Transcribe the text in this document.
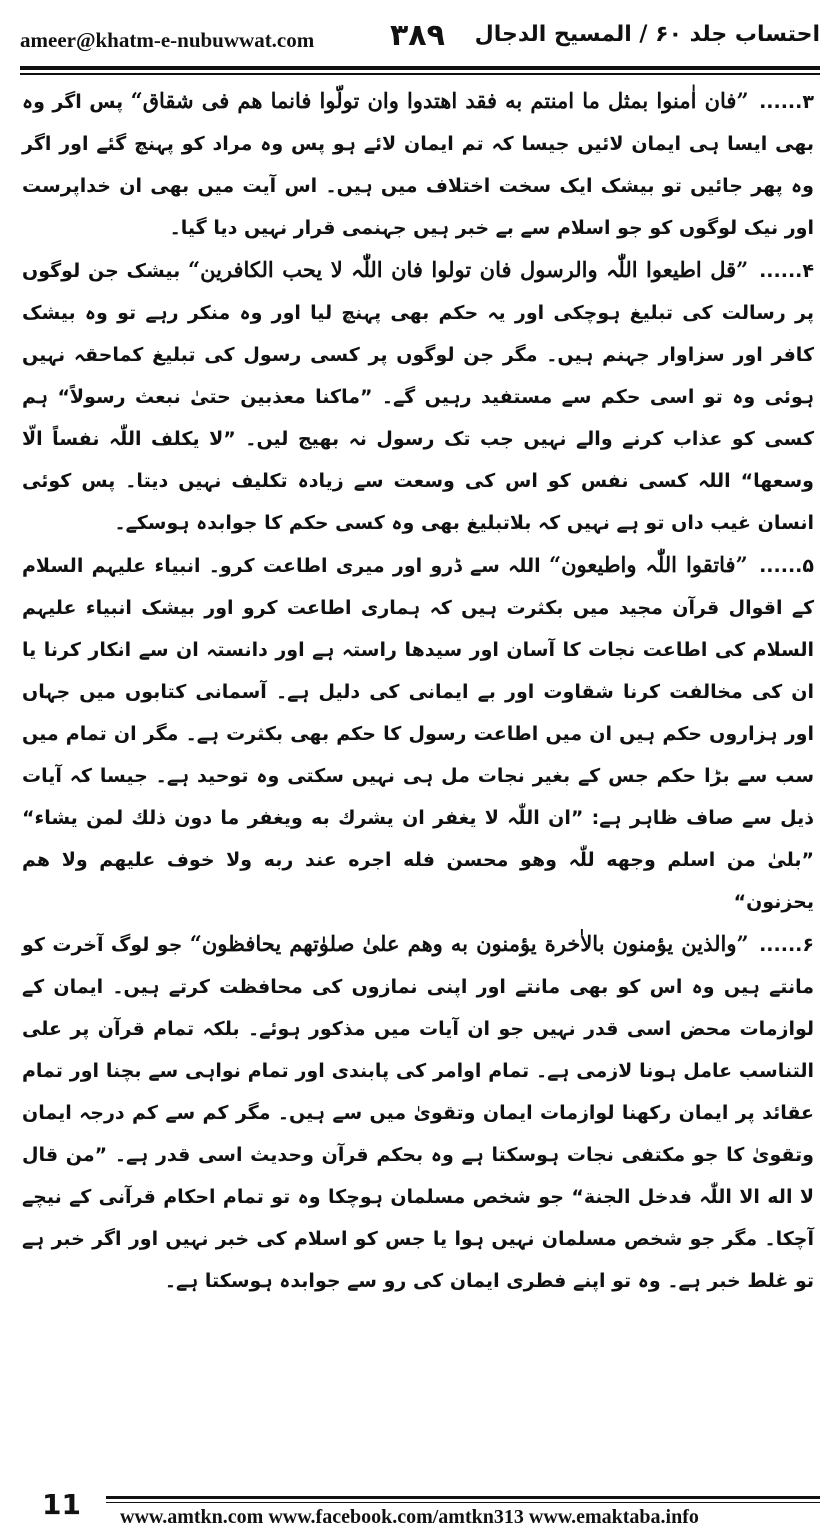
ameer@khatm-e-nubuwwat.com	۳۸۹ احتساب جلد ۶۰ / المسیح الدجال

۳...... ”فان اٰمنوا بمثل ما امنتم به فقد اهتدوا وان تولّوا فانما هم فی شقاق“ پس اگر وہ بھی ایسا ہی ایمان لائیں جیسا کہ تم ایمان لائے ہو پس وہ مراد کو پہنچ گئے اور اگر وہ پھر جائیں تو بیشک ایک سخت اختلاف میں ہیں۔ اس آیت میں بھی ان خداپرست اور نیک لوگوں کو جو اسلام سے بے خبر ہیں جہنمی قرار نہیں دیا گیا۔

۴...... ”قل اطیعوا اللّٰہ والرسول فان تولوا فان اللّٰہ لا یحب الکافرین“ بیشک جن لوگوں پر رسالت کی تبلیغ ہوچکی اور یہ حکم بھی پہنچ لیا اور وہ منکر رہے تو وہ بیشک کافر اور سزاوار جہنم ہیں۔ مگر جن لوگوں پر کسی رسول کی تبلیغ کماحقہ نہیں ہوئی وہ تو اسی حکم سے مستفید رہیں گے۔ ”ماکنا معذبین حتیٰ نبعث رسولاً“ ہم کسی کو عذاب کرنے والے نہیں جب تک رسول نہ بھیج لیں۔ ”لا یکلف اللّٰہ نفساً الّا وسعها“ اللہ کسی نفس کو اس کی وسعت سے زیادہ تکلیف نہیں دیتا۔ پس کوئی انسان غیب داں تو ہے نہیں کہ بلاتبلیغ بھی وہ کسی حکم کا جوابدہ ہوسکے۔

۵...... ”فاتقوا اللّٰہ واطیعون“ اللہ سے ڈرو اور میری اطاعت کرو۔ انبیاء علیہم السلام کے اقوال قرآن مجید میں بکثرت ہیں کہ ہماری اطاعت کرو اور بیشک انبیاء علیہم السلام کی اطاعت نجات کا آسان اور سیدھا راستہ ہے اور دانستہ ان سے انکار کرنا یا ان کی مخالفت کرنا شقاوت اور بے ایمانی کی دلیل ہے۔ آسمانی کتابوں میں جہاں اور ہزاروں حکم ہیں ان میں اطاعت رسول کا حکم بھی بکثرت ہے۔ مگر ان تمام میں سب سے بڑا حکم جس کے بغیر نجات مل ہی نہیں سکتی وہ توحید ہے۔ جیسا کہ آیات ذیل سے صاف ظاہر ہے: ”ان اللّٰہ لا یغفر ان یشرك به ویغفر ما دون ذلك لمن یشاء“ ”بلیٰ من اسلم وجهه للّٰہ وهو محسن فله اجره عند ربه ولا خوف علیهم ولا هم یحزنون“

۶...... ”والذین یؤمنون بالاٰخرة یؤمنون به وهم علیٰ صلوٰتهم یحافظون“ جو لوگ آخرت کو مانتے ہیں وہ اس کو بھی مانتے اور اپنی نمازوں کی محافظت کرتے ہیں۔ ایمان کے لوازمات محض اسی قدر نہیں جو ان آیات میں مذکور ہوئے۔ بلکہ تمام قرآن پر علی التناسب عامل ہونا لازمی ہے۔ تمام اوامر کی پابندی اور تمام نواہی سے بچنا اور تمام عقائد پر ایمان رکھنا لوازمات ایمان وتقویٰ میں سے ہیں۔ مگر کم سے کم درجہ ایمان وتقویٰ کا جو مکتفی نجات ہوسکتا ہے وہ بحکم قرآن وحدیث اسی قدر ہے۔ ”من قال لا اله الا اللّٰہ فدخل الجنة“ جو شخص مسلمان ہوچکا وہ تو تمام احکام قرآنی کے نیچے آچکا۔ مگر جو شخص مسلمان نہیں ہوا یا جس کو اسلام کی خبر نہیں اور اگر خبر ہے تو غلط خبر ہے۔ وہ تو اپنے فطری ایمان کی رو سے جوابدہ ہوسکتا ہے۔

11 www.amtkn.com www.facebook.com/amtkn313 www.emaktaba.info
